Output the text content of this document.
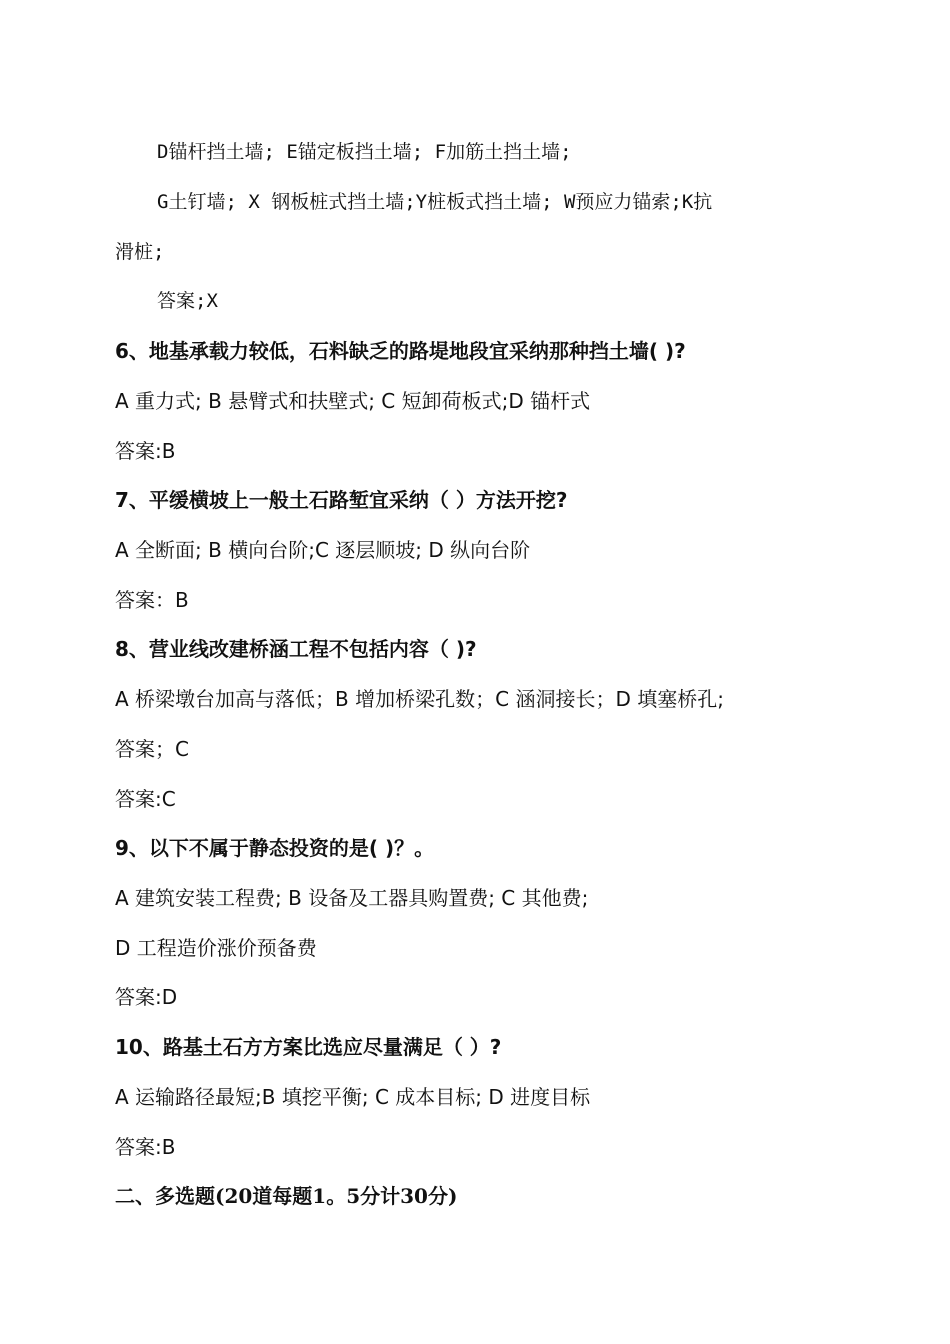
D锚杆挡土墙; E锚定板挡土墙; F加筋土挡土墙;
G土钉墙; X 钢板桩式挡土墙;Y桩板式挡土墙; W预应力锚索;K抗
滑桩;
答案;X
6、地基承载力较低，石料缺乏的路堤地段宜采纳那种挡土墙( )?
A 重力式; B 悬臂式和扶壁式; C 短卸荷板式;D 锚杆式
答案:B
7、平缓横坡上一般土石路堑宜采纳（ ）方法开挖?
A 全断面; B 横向台阶;C 逐层顺坡; D 纵向台阶
答案：B
8、营业线改建桥涵工程不包括内容（ )?
A 桥梁墩台加高与落低；B 增加桥梁孔数；C 涵洞接长；D 填塞桥孔;
答案；C
答案:C
9、以下不属于静态投资的是( )？。
A 建筑安装工程费; B 设备及工器具购置费; C 其他费;
D 工程造价涨价预备费
答案:D
10、路基土石方方案比选应尽量满足（ ）?
A 运输路径最短;B 填挖平衡; C 成本目标; D 进度目标
答案:B
二、多选题(20道每题1。5分计30分)
